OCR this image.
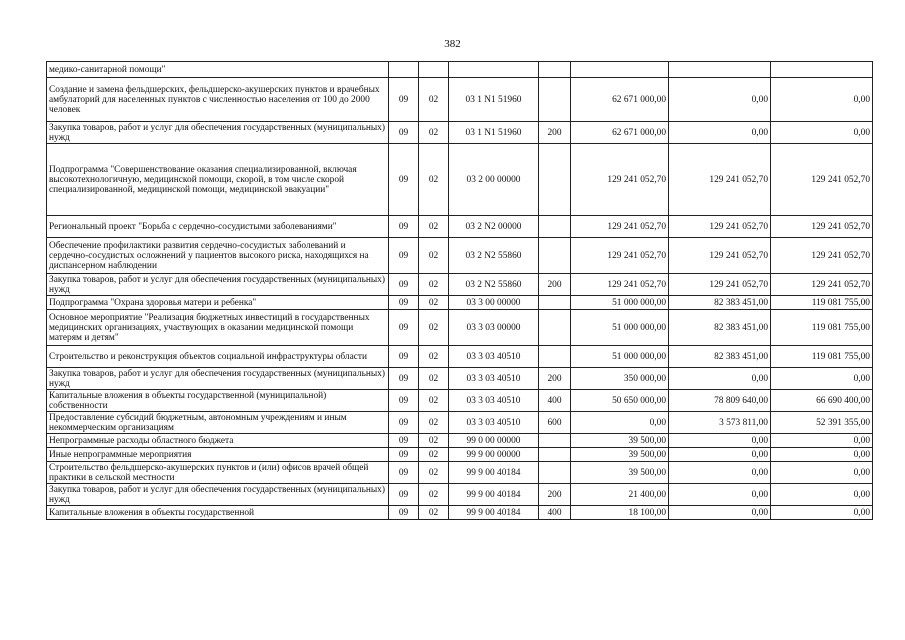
382
медико-санитарной помощи"							
Создание и замена фельдшерских, фельдшерско-акушерских пунктов и врачебных амбулаторий для населенных пунктов с численностью населения от 100 до 2000 человек	09	02	03 1 N1 51960		62 671 000,00	0,00	0,00
Закупка товаров, работ и услуг для обеспечения государственных (муниципальных) нужд	09	02	03 1 N1 51960	200	62 671 000,00	0,00	0,00
Подпрограмма "Совершенствование оказания специализированной, включая высокотехнологичную, медицинской помощи, скорой, в том числе скорой специализированной, медицинской помощи, медицинской эвакуации"	09	02	03 2 00 00000		129 241 052,70	129 241 052,70	129 241 052,70
Региональный проект "Борьба с сердечно-сосудистыми заболеваниями"	09	02	03 2 N2 00000		129 241 052,70	129 241 052,70	129 241 052,70
Обеспечение профилактики развития сердечно-сосудистых заболеваний и сердечно-сосудистых осложнений у пациентов высокого риска, находящихся на диспансерном наблюдении	09	02	03 2 N2 55860		129 241 052,70	129 241 052,70	129 241 052,70
Закупка товаров, работ и услуг для обеспечения государственных (муниципальных) нужд	09	02	03 2 N2 55860	200	129 241 052,70	129 241 052,70	129 241 052,70
Подпрограмма "Охрана здоровья матери и ребенка"	09	02	03 3 00 00000		51 000 000,00	82 383 451,00	119 081 755,00
Основное мероприятие "Реализация бюджетных инвестиций в государственных медицинских организациях, участвующих в оказании медицинской помощи матерям и детям"	09	02	03 3 03 00000		51 000 000,00	82 383 451,00	119 081 755,00
Строительство и реконструкция объектов социальной инфраструктуры области	09	02	03 3 03 40510		51 000 000,00	82 383 451,00	119 081 755,00
Закупка товаров, работ и услуг для обеспечения государственных (муниципальных) нужд	09	02	03 3 03 40510	200	350 000,00	0,00	0,00
Капитальные вложения в объекты государственной (муниципальной) собственности	09	02	03 3 03 40510	400	50 650 000,00	78 809 640,00	66 690 400,00
Предоставление субсидий бюджетным, автономным учреждениям и иным некоммерческим организациям	09	02	03 3 03 40510	600	0,00	3 573 811,00	52 391 355,00
Непрограммные расходы областного бюджета	09	02	99 0 00 00000		39 500,00	0,00	0,00
Иные непрограммные мероприятия	09	02	99 9 00 00000		39 500,00	0,00	0,00
Строительство фельдшерско-акушерских пунктов и (или) офисов врачей общей практики в сельской местности	09	02	99 9 00 40184		39 500,00	0,00	0,00
Закупка товаров, работ и услуг для обеспечения государственных (муниципальных) нужд	09	02	99 9 00 40184	200	21 400,00	0,00	0,00
Капитальные вложения в объекты государственной	09	02	99 9 00 40184	400	18 100,00	0,00	0,00
